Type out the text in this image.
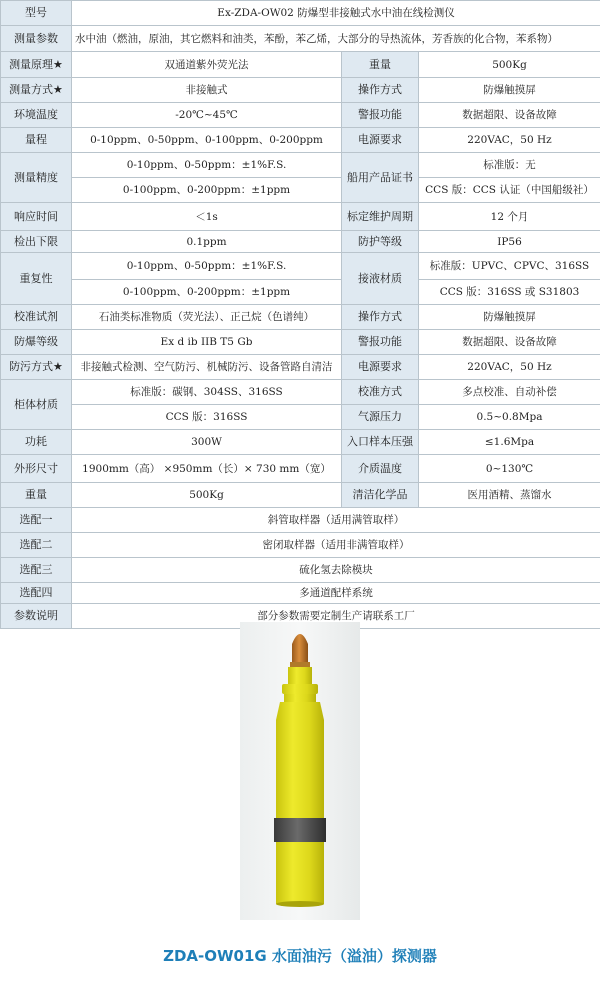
型号	Ex-ZDA-OW02 防爆型非接触式水中油在线检测仪		
测量参数	水中油（燃油，原油，其它燃料和油类，苯酚，苯乙烯，大部分的导热流体，芳香族的化合物，苯系物）		
测量原理★	双通道紫外荧光法	重量	500Kg
测量方式★	非接触式	操作方式	防爆触摸屏
环境温度	-20℃~45℃	警报功能	数据超限、设备故障
量程	0-10ppm、0-50ppm、0-100ppm、0-200ppm	电源要求	220VAC，50 Hz
测量精度	0-10ppm、0-50ppm：±1%F.S.	船用产品证书	标准版：无
	0-100ppm、0-200ppm：±1ppm		CCS 版：CCS 认证（中国船级社）
响应时间	＜1s	标定维护周期	12 个月
检出下限	0.1ppm	防护等级	IP56
重复性	0-10ppm、0-50ppm：±1%F.S.	接液材质	标准版：UPVC、CPVC、316SS
	0-100ppm、0-200ppm：±1ppm		CCS 版：316SS 或 S31803
校准试剂	石油类标准物质（荧光法）、正己烷（色谱纯）	操作方式	防爆触摸屏
防爆等级	Ex d ib IIB T5 Gb	警报功能	数据超限、设备故障
防污方式★	非接触式检测、空气防污、机械防污、设备管路自清洁	电源要求	220VAC，50 Hz
柜体材质	标准版：碳钢、304SS、316SS	校准方式	多点校准、自动补偿
	CCS 版：316SS	气源压力	0.5~0.8Mpa
功耗	300W	入口样本压强	≤1.6Mpa
外形尺寸	1900mm（高） ×950mm（长）× 730 mm（宽）	介质温度	0~130℃
重量	500Kg	清洁化学品	医用酒精、蒸馏水
选配一	斜管取样器（适用满管取样）		
选配二	密闭取样器（适用非满管取样）		
选配三	硫化氢去除模块		
选配四	多通道配样系统		
参数说明	部分参数需要定制生产请联系工厂		
ZDA-OW01G 水面油污（溢油）探测器
